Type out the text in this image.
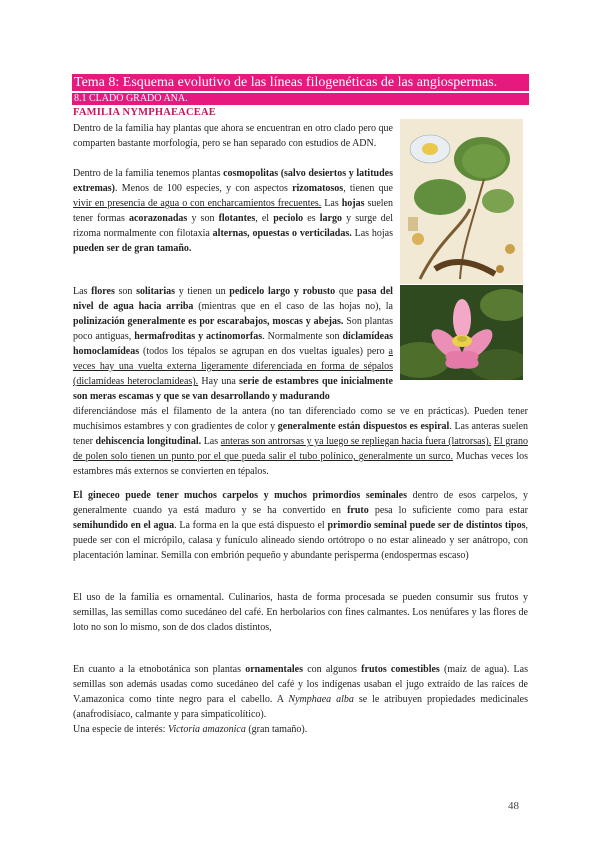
Tema 8: Esquema evolutivo de las líneas filogenéticas de las angiospermas.
8.1 CLADO GRADO ANA.
FAMILIA NYMPHAEACEAE
Dentro de la familia hay plantas que ahora se encuentran en otro clado pero que comparten bastante morfología, pero se han separado con estudios de ADN.
Dentro de la familia tenemos plantas cosmopolitas (salvo desiertos y latitudes extremas). Menos de 100 especies, y con aspectos rizomatosos, tienen que vivir en presencia de agua o con encharcamientos frecuentes. Las hojas suelen tener formas acorazonadas y son flotantes, el peciolo es largo y surge del rizoma normalmente con filotaxia alternas, opuestas o verticiladas. Las hojas pueden ser de gran tamaño.
Las flores son solitarias y tienen un pedicelo largo y robusto que pasa del nivel de agua hacia arriba (mientras que en el caso de las hojas no), la polinización generalmente es por escarabajos, moscas y abejas. Son plantas poco antiguas, hermafroditas y actinomorfas. Normalmente son diclamídeas homoclamídeas (todos los tépalos se agrupan en dos vueltas iguales) pero a veces hay una vuelta externa ligeramente diferenciada en forma de sépalos (diclamídeas heteroclamídeas). Hay una serie de estambres que inicialmente son meras escamas y que se van desarrollando y madurando
diferenciándose más el filamento de la antera (no tan diferenciado como se ve en prácticas). Pueden tener muchísimos estambres y con gradientes de color y generalmente están dispuestos es espiral. Las anteras suelen tener dehiscencia longitudinal. Las anteras son antrorsas y ya luego se repliegan hacia fuera (latrorsas). El grano de polen solo tienen un punto por el que pueda salir el tubo polínico, generalmente un surco. Muchas veces los estambres más externos se convierten en tépalos.
El gineceo puede tener muchos carpelos y muchos primordios seminales dentro de esos carpelos, y generalmente cuando ya está maduro y se ha convertido en fruto pesa lo suficiente como para estar semihundido en el agua. La forma en la que está dispuesto el primordio seminal puede ser de distintos tipos, puede ser con el micrópilo, calasa y funículo alineado siendo ortótropo o no estar alineado y ser anátropo, con placentación laminar. Semilla con embrión pequeño y abundante perisperma (endospermas escaso)
El uso de la familia es ornamental. Culinarios, hasta de forma procesada se pueden consumir sus frutos y semillas, las semillas como sucedáneo del café. En herbolarios con fines calmantes. Los nenúfares y las flores de loto no son lo mismo, son de dos clados distintos,
En cuanto a la etnobotánica son plantas ornamentales con algunos frutos comestibles (maíz de agua). Las semillas son además usadas como sucedáneo del café y los indígenas usaban el jugo extraído de las raíces de V.amazonica como tinte negro para el cabello. A Nymphaea alba se le atribuyen propiedades medicinales (anafrodisíaco, calmante y para simpaticolítico).
Una especie de interés: Victoria amazonica (gran tamaño).
48
